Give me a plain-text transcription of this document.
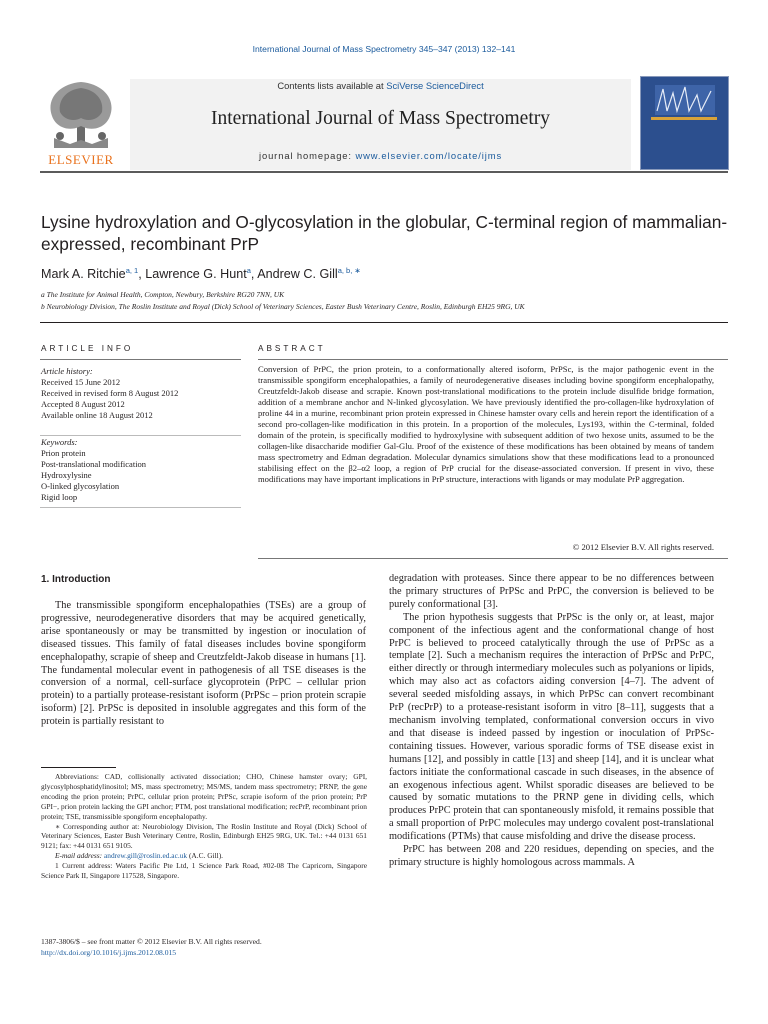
International Journal of Mass Spectrometry 345–347 (2013) 132–141
ELSEVIER
Contents lists available at SciVerse ScienceDirect
International Journal of Mass Spectrometry
journal homepage: www.elsevier.com/locate/ijms
Lysine hydroxylation and O-glycosylation in the globular, C-terminal region of mammalian-expressed, recombinant PrP
Mark A. Ritchie$^{a, 1}$, Lawrence G. Hunt$^a$, Andrew C. Gill$^{a, b, ∗}$
a The Institute for Animal Health, Compton, Newbury, Berkshire RG20 7NN, UK
b Neurobiology Division, The Roslin Institute and Royal (Dick) School of Veterinary Sciences, Easter Bush Veterinary Centre, Roslin, Edinburgh EH25 9RG, UK
ARTICLE INFO	ABSTRACT
Article history:
Received 15 June 2012
Received in revised form 8 August 2012
Accepted 8 August 2012
Available online 18 August 2012
Keywords:
Prion protein
Post-translational modification
Hydroxylysine
O-linked glycosylation
Rigid loop
Conversion of PrPC, the prion protein, to a conformationally altered isoform, PrPSc, is the major pathogenic event in the transmissible spongiform encephalopathies, a family of neurodegenerative diseases including bovine spongiform encephalopathy, Creutzfeldt-Jakob disease and scrapie. Known post-translational modifications to the protein include disulfide bridge formation, addition of a membrane anchor and N-linked glycosylation. We have previously identified the pro-collagen-like hydroxylation of proline 44 in a murine, recombinant prion protein expressed in Chinese hamster ovary cells and herein report the identification of a second pro-collagen-like modification in this protein. In a proportion of the molecules, Lys193, within the C-terminal, folded domain of the protein, is specifically modified to hydroxylysine with subsequent addition of two hexose units, assumed to be the collagen-like disaccharide modifier Gal-Glu. Proof of the existence of these modifications has been obtained by means of tandem mass spectrometry and Edman degradation. Molecular dynamics simulations show that these modifications lead to a pronounced stabilising effect on the β2–α2 loop, a region of PrP crucial for the disease-associated conversion. If present in vivo, these modifications may have important implications in PrP structure, interactions with ligands or may modulate PrP aggregation.
© 2012 Elsevier B.V. All rights reserved.
1. Introduction

The transmissible spongiform encephalopathies (TSEs) are a group of progressive, neurodegenerative disorders that may be acquired genetically, arise spontaneously or may be transmitted by ingestion or inoculation of diseased tissues. This family of fatal diseases includes bovine spongiform encephalopathy, scrapie of sheep and Creutzfeldt-Jakob disease in humans [1]. The fundamental molecular event in pathogenesis of all TSE diseases is the conversion of a normal, cell-surface glycoprotein (PrPC – cellular prion protein) to a partially protease-resistant isoform (PrPSc – prion protein scrapie isoform) [2]. PrPSc is deposited in insoluble aggregates and this form of the protein is partially resistant to

degradation with proteases. Since there appear to be no differences between the primary structures of PrPSc and PrPC, the conversion is believed to be purely conformational [3].

The prion hypothesis suggests that PrPSc is the only or, at least, major component of the infectious agent and the conformational change of host PrPC is believed to proceed catalytically through the use of PrPSc as a template [2]. Such a mechanism requires the interaction of PrPSc and PrPC, either directly or through intermediary molecules such as polyanions or lipids, which may also act as cofactors aiding conversion [4–7]. The advent of several seeded misfolding assays, in which PrPSc can convert recombinant PrP (recPrP) to a protease-resistant isoform in vitro [8–11], suggests that a mechanism involving templated, conformational conversion occurs in vivo and that disease is indeed passed by ingestion or inoculation of PrPSc-containing tissues. However, various sporadic forms of TSE disease exist in humans [12], and possibly in cattle [13] and sheep [14], and it is unclear what factors initiate the conformational cascade in such diseases, in the absence of an exogenous infectious agent. Whilst sporadic diseases are believed to be caused by somatic mutations to the PRNP gene in dividing cells, which produces PrPC protein that can spontaneously misfold, it remains possible that a small proportion of PrPC molecules may undergo covalent post-translational modifications (PTMs) that cause misfolding and drive the disease process.

PrPC has between 208 and 220 residues, depending on species, and the primary structure is highly homologous across mammals. A

Abbreviations: CAD, collisionally activated dissociation; CHO, Chinese hamster ovary; GPI, glycosylphosphatidylinositol; MS, mass spectrometry; MS/MS, tandem mass spectrometry; PRNP, the gene encoding the prion protein; PrPC, cellular prion protein; PrPSc, scrapie isoform of the prion protein; PrP GPI−, prion protein lacking the GPI anchor; PTM, post translational modification; recPrP, recombinant prion protein; TSE, transmissible spongiform encephalopathy.

∗ Corresponding author at: Neurobiology Division, The Roslin Institute and Royal (Dick) School of Veterinary Sciences, Easter Bush Veterinary Centre, Roslin, Edinburgh EH25 9RG, UK. Tel.: +44 0131 651 9121; fax: +44 0131 651 9105.

E-mail address: andrew.gill@roslin.ed.ac.uk (A.C. Gill).

1 Current address: Waters Pacific Pte Ltd, 1 Science Park Road, #02-08 The Capricorn, Singapore Science Park II, Singapore 117528, Singapore.

1387-3806/$ – see front matter © 2012 Elsevier B.V. All rights reserved.
http://dx.doi.org/10.1016/j.ijms.2012.08.015
